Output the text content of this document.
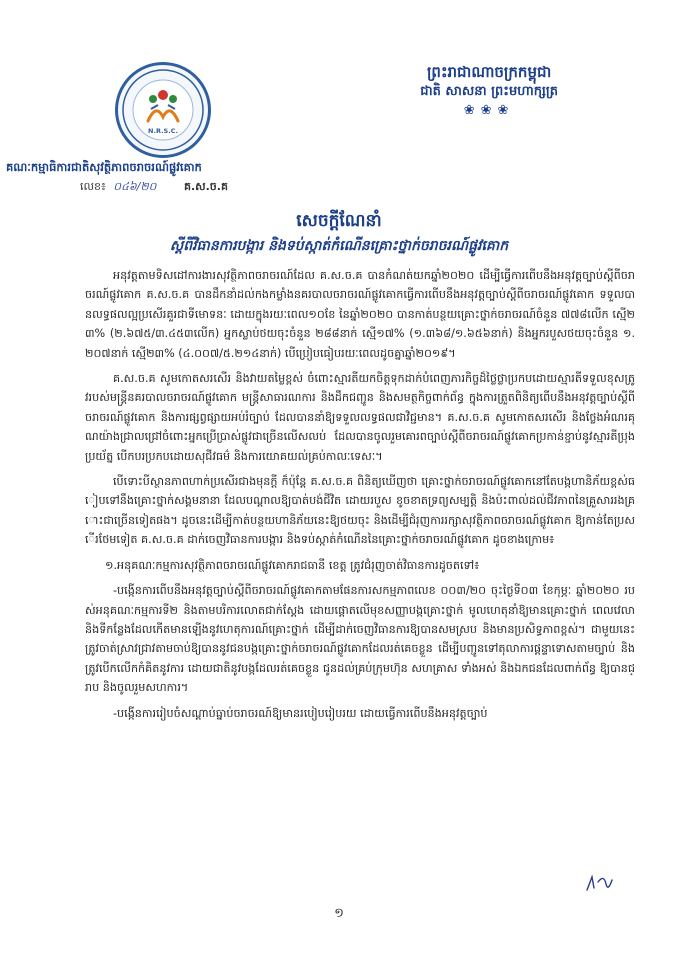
N.R.S.C.
គណៈកម្មាធិការជាតិសុវត្ថិភាពចរាចរណ៍ផ្លូវគោក
លេខ៖ ០៤៦/២០	គ.ស.ច.គ
ព្រះរាជាណាចក្រកម្ពុជា
ជាតិ សាសនា ព្រះមហាក្សត្រ
❀❀❀
សេចក្តីណែនាំ
ស្តីពីវិធានការបង្ការ និងទប់ស្កាត់កំណើនគ្រោះថ្នាក់ចរាចរណ៍ផ្លូវគោក

អនុវត្តតាមទិសដៅការងារសុវត្ថិភាពចរាចរណ៍ដែល គ.ស.ច.គ បានកំណត់យកឆ្នាំ២០២០ ដើម្បីធ្វើការពើបនឹងអនុវត្តច្បាប់ស្តីពីចរាចរណ៍ផ្លូវគោក គ.ស.ច.គ បានដឹកនាំដល់កងកម្លាំងនគរបាលចរាចរណ៍ផ្លូវគោកធ្វើការពើបនឹងអនុវត្តច្បាប់ស្តីពីចរាចរណ៍ផ្លូវគោក ទទួលបានលទ្ធផលល្អប្រសើរគួរជាទីមោទនៈ ដោយក្នុងរយៈពេល១០ខែ នៃឆ្នាំ២០២០ បានកាត់បន្ថយគ្រោះថ្នាក់ចរាចរណ៍ចំនួន ៧៧៨លើក ស្មើ២៣% (២.៦៧៥/៣.៤៥៣លើក) អ្នកស្លាប់ថយចុះចំនួន ២៨៨នាក់ ស្មើ១៧% (១.៣៦៨/១.៦៥៦នាក់) និងអ្នករបួសថយចុះចំនួន ១.២០៧នាក់ ស្មើ២៣% (៤.០០៧/៥.២១៤នាក់) បើប្រៀបធៀបរយៈពេលដូចគ្នាឆ្នាំ២០១៩។

គ.ស.ច.គ សូមកោតសរសើរ និងវាយតម្លៃខ្ពស់ ចំពោះស្មារតីយកចិត្តទុកដាក់បំពេញភារកិច្ចដ៏ថ្លៃថ្លាប្រកបដោយស្មារតីទទួលខុសត្រូវរបស់មន្ត្រីនគរបាលចរាចរណ៍ផ្លូវគោក មន្ត្រីសាធារណការ និងដឹកជញ្ជូន និងសមត្ថកិច្ចពាក់ព័ន្ធ ក្នុងការត្រួតពិនិត្យពើបនឹងអនុវត្តច្បាប់ស្តីពីចរាចរណ៍ផ្លូវគោក និងការផ្សព្វផ្សាយអប់រំច្បាប់ ដែលបាននាំឱ្យទទួលលទ្ធផលជាវិជ្ជមាន។ គ.ស.ច.គ សូមកោតសរសើរ និងថ្លែងអំណរគុណយ៉ាងជ្រាលជ្រៅចំពោះអ្នកប្រើប្រាស់ផ្លូវជាច្រើនលើសលប់ ដែលបានចូលរួមគោរពច្បាប់ស្តីពីចរាចរណ៍ផ្លូវគោកប្រកាន់ខ្ជាប់នូវស្មារតីប្រុងប្រយ័ត្ន បើកបរប្រកបដោយសុជីវធម៌ និងការយោគយល់គ្រប់កាលៈទេសៈ។

បើទោះបីស្ថានភាពហាក់ប្រសើរជាងមុនក្តី ក៏ប៉ុន្តែ គ.ស.ច.គ ពិនិត្យឃើញថា គ្រោះថ្នាក់ចរាចរណ៍ផ្លូវគោកនៅតែបង្កហានិភ័យខ្ពស់ធៀបទៅនឹងគ្រោះថ្នាក់សង្គមនានា ដែលបណ្តាលឱ្យបាត់បង់ជីវិត ដោយរបួស ខូចខាតទ្រព្យសម្បត្តិ និងប៉ះពាល់ដល់ជីវភាពនៃគ្រួសាររងគ្រោះជាច្រើនទៀតផង។ ដូចនេះដើម្បីកាត់បន្ថយហានិភ័យនេះឱ្យថយចុះ និងដើម្បីជំរុញការរក្សាសុវត្ថិភាពចរាចរណ៍ផ្លូវគោក ឱ្យកាន់តែប្រសើរថែមទៀត គ.ស.ច.គ ដាក់ចេញវិធានការបង្ការ និងទប់ស្កាត់កំណើននៃគ្រោះថ្នាក់ចរាចរណ៍ផ្លូវគោក ដូចខាងក្រោម៖

១.អនុគណៈកម្មការសុវត្ថិភាពចរាចរណ៍ផ្លូវគោករាជធានី ខេត្ត ត្រូវជំរុញចាត់វិធានការដូចតទៅ៖

-បង្កើនការពើបនឹងអនុវត្តច្បាប់ស្តីពីចរាចរណ៍ផ្លូវគោកតាមផែនការសកម្មភាពលេខ ០០៣/២០ ចុះថ្ងៃទី០៣ ខែកុម្ភៈ ឆ្នាំ២០២០ របស់អនុគណៈកម្មការទី២ និងតាមបរិការលោតជាក់ស្តែង ដោយផ្តោតលើមុខសញ្ញាបង្កគ្រោះថ្នាក់ មូលហេតុនាំឱ្យមានគ្រោះថ្នាក់ ពេលវេលា និងទីកន្លែងដែលកើតមានឡើងនូវហេតុការណ៍គ្រោះថ្នាក់ ដើម្បីដាក់ចេញវិធានការឱ្យបានសមស្រប និងមានប្រសិទ្ធភាពខ្ពស់។ ជាមួយនេះ ត្រូវចាត់ស្រាវជ្រាវតាមចាប់ឱ្យបាននូវជនបង្កគ្រោះថ្នាក់ចរាចរណ៍ផ្លូវគោកដែលរត់គេចខ្លួន ដើម្បីបញ្ជូនទៅតុលាការផ្តន្ទាទោសតាមច្បាប់ និងត្រូវបើកលើកកំគិតនូវការ ដោយជាតិនូវបង្កដែលរត់គេចខ្លួន ជូនដល់គ្រប់ក្រុមហ៊ុន សហគ្រាស ទាំងអស់ និងឯកជនដែលពាក់ព័ន្ធ ឱ្យបានជ្រាប និងចូលរួមសហការ។

-បង្កើនការរៀបចំសណ្តាប់ធ្នាប់ចរាចរណ៍ឱ្យមានរបៀបរៀបរយ ដោយធ្វើការពើបនឹងអនុវត្តច្បាប់

១
